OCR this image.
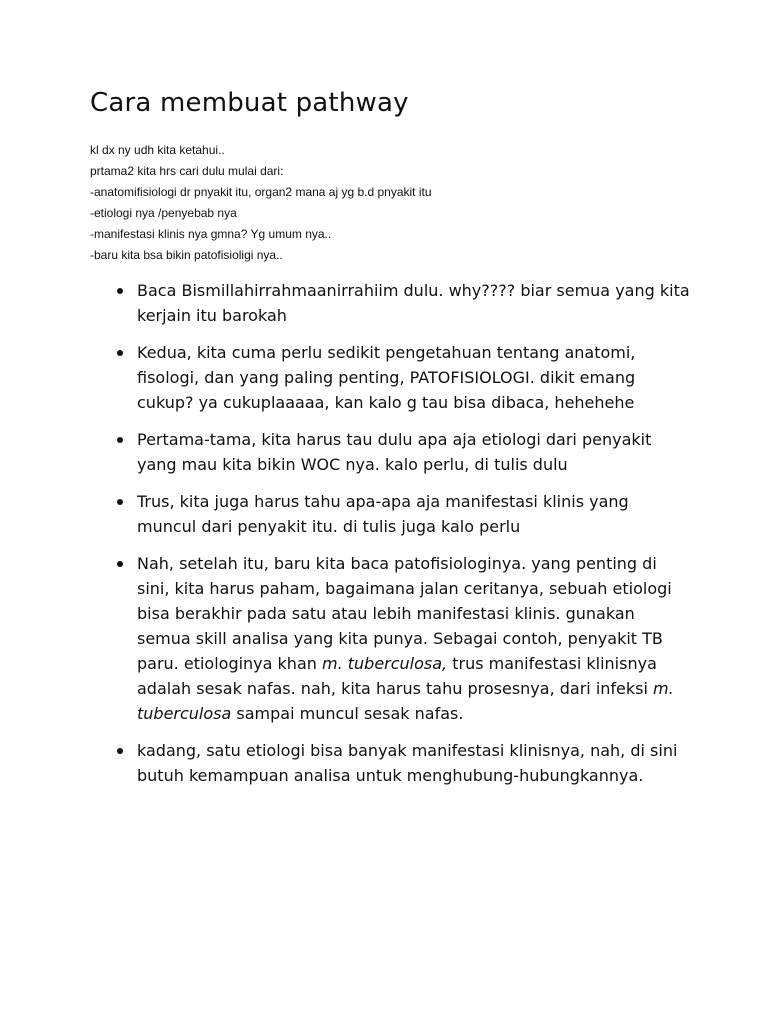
Cara membuat pathway
kl dx ny udh kita ketahui..
prtama2 kita hrs cari dulu mulai dari:
-anatomifisiologi dr pnyakit itu, organ2 mana aj yg b.d pnyakit itu
-etiologi nya /penyebab nya
-manifestasi klinis nya gmna? Yg umum nya..
-baru kita bsa bikin patofisioligi nya..

Baca Bismillahirrahmaanirrahiim dulu. why???? biar semua yang kita kerjain itu barokah

Kedua, kita cuma perlu sedikit pengetahuan tentang anatomi, fisologi, dan yang paling penting, PATOFISIOLOGI. dikit emang cukup? ya cukuplaaaaa, kan kalo g tau bisa dibaca, hehehehe

Pertama-tama, kita harus tau dulu apa aja etiologi dari penyakit yang mau kita bikin WOC nya. kalo perlu, di tulis dulu

Trus, kita juga harus tahu apa-apa aja manifestasi klinis yang muncul dari penyakit itu. di tulis juga kalo perlu

Nah, setelah itu, baru kita baca patofisiologinya. yang penting di sini, kita harus paham, bagaimana jalan ceritanya, sebuah etiologi bisa berakhir pada satu atau lebih manifestasi klinis. gunakan semua skill analisa yang kita punya. Sebagai contoh, penyakit TB paru. etiologinya khan m. tuberculosa, trus manifestasi klinisnya adalah sesak nafas. nah, kita harus tahu prosesnya, dari infeksi m. tuberculosa sampai muncul sesak nafas.

kadang, satu etiologi bisa banyak manifestasi klinisnya, nah, di sini butuh kemampuan analisa untuk menghubung-hubungkannya.
